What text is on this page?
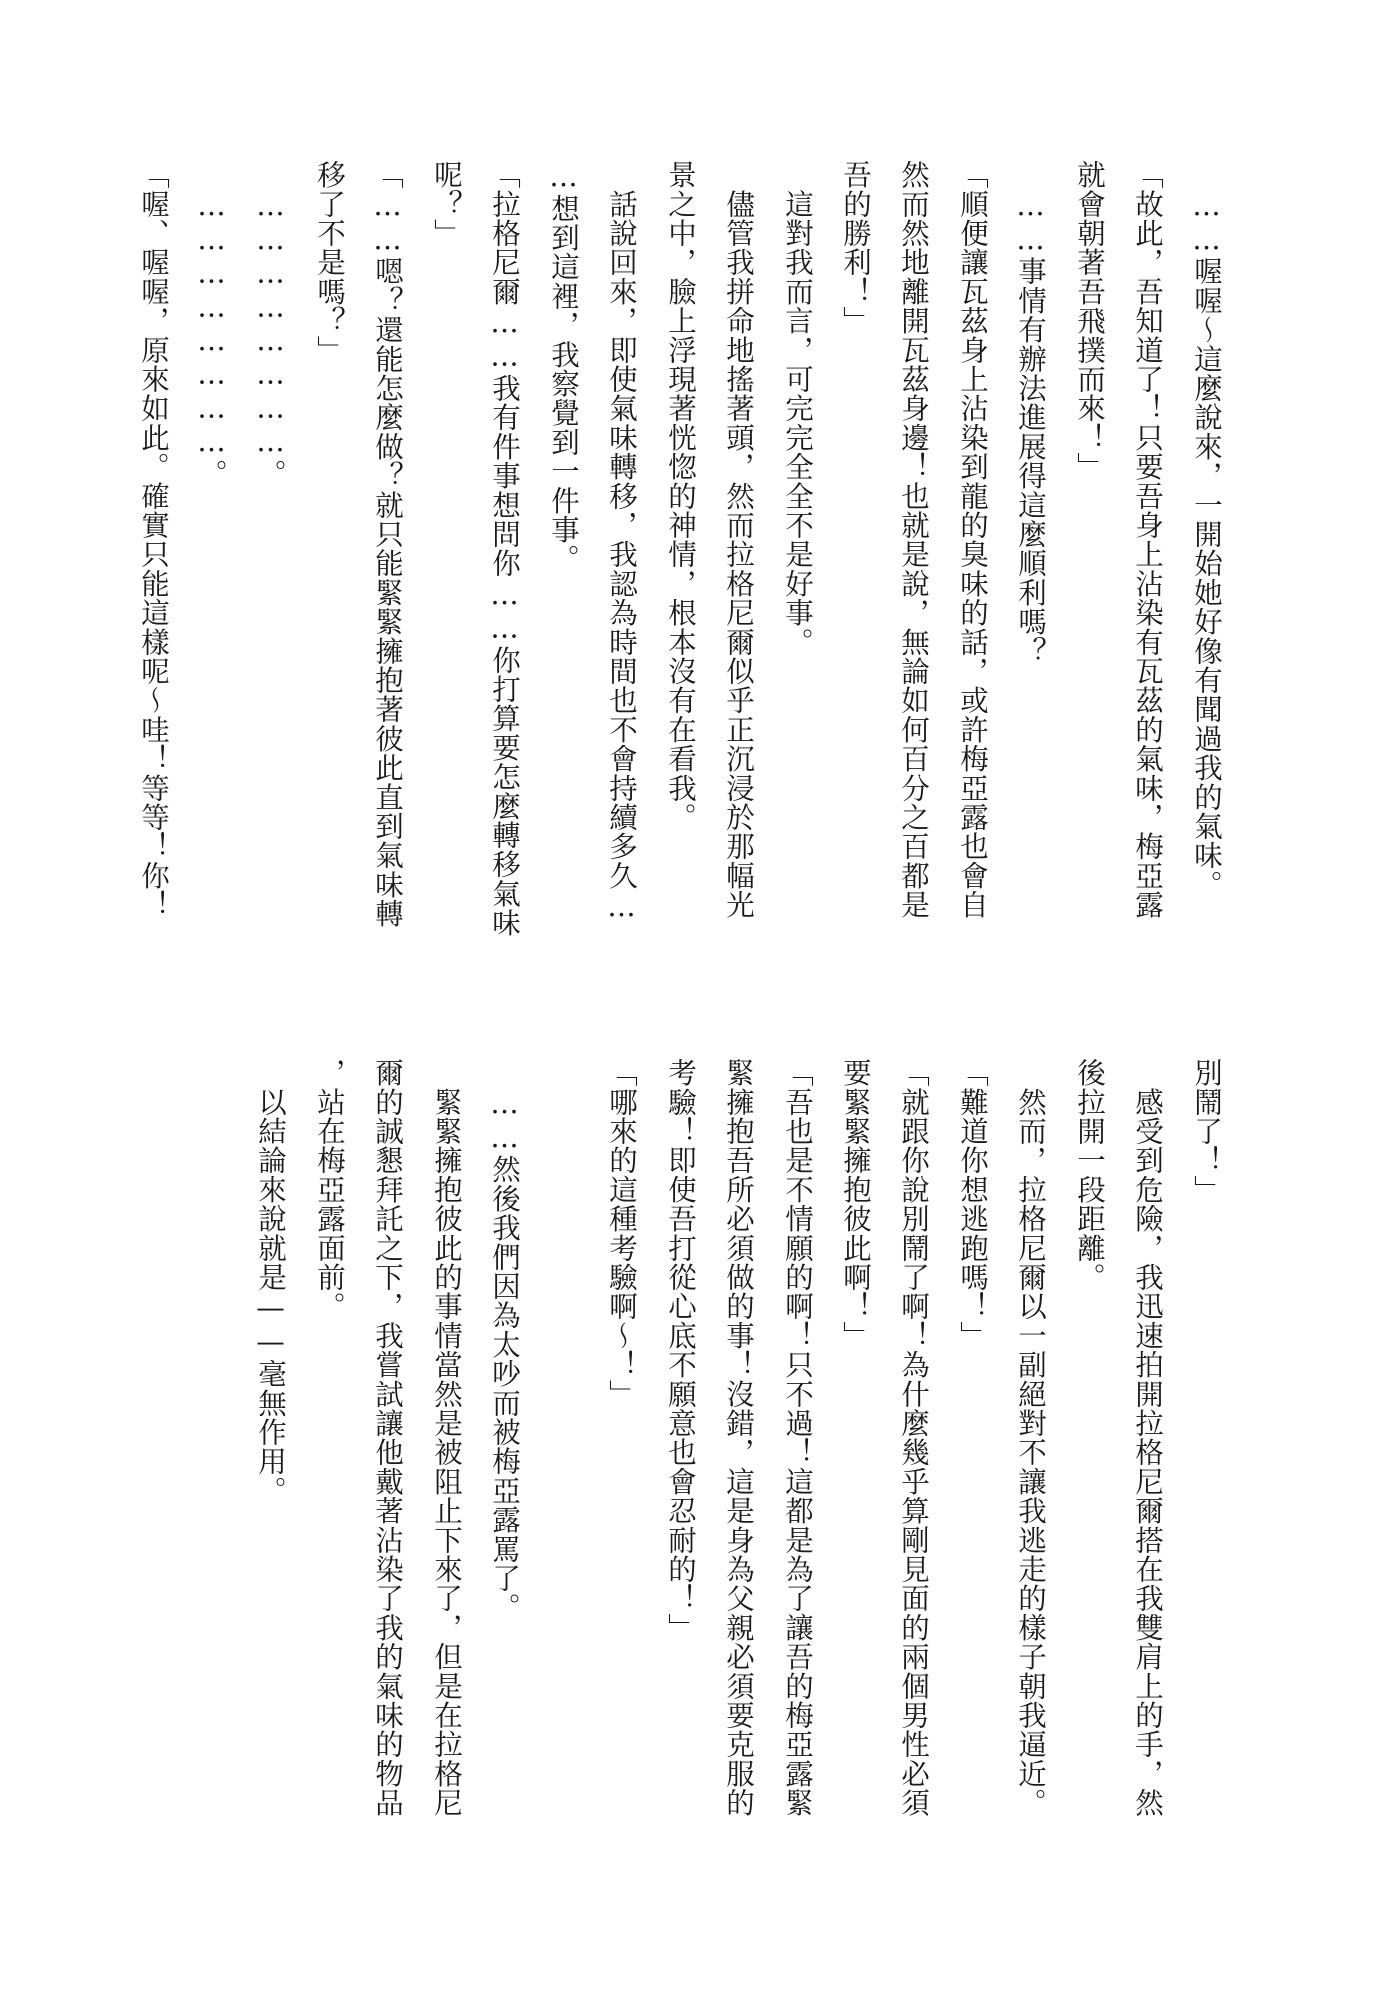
　……喔喔～這麼說來，一開始她好像有聞過我的氣味。
「故此，吾知道了！只要吾身上沾染有瓦茲的氣味，梅亞露
就會朝著吾飛撲而來！」
　……事情有辦法進展得這麼順利嗎？
「順便讓瓦茲身上沾染到龍的臭味的話，或許梅亞露也會自
然而然地離開瓦茲身邊！也就是說，無論如何百分之百都是
吾的勝利！」
　這對我而言，可完完全全不是好事。
　儘管我拼命地搖著頭，然而拉格尼爾似乎正沉浸於那幅光
景之中，臉上浮現著恍惚的神情，根本沒有在看我。
　話說回來，即使氣味轉移，我認為時間也不會持續多久…
…想到這裡，我察覺到一件事。
「拉格尼爾……我有件事想問你……你打算要怎麼轉移氣味
呢？」
「……嗯？還能怎麼做？就只能緊緊擁抱著彼此直到氣味轉
移了不是嗎？」
　……………………。
　……………………。
「喔、喔喔，原來如此。確實只能這樣呢～哇！等等！你！
別鬧了！」
　感受到危險，我迅速拍開拉格尼爾搭在我雙肩上的手，然
後拉開一段距離。
　然而，拉格尼爾以一副絕對不讓我逃走的樣子朝我逼近。
「難道你想逃跑嗎！」
「就跟你說別鬧了啊！為什麼幾乎算剛見面的兩個男性必須
要緊緊擁抱彼此啊！」
「吾也是不情願的啊！只不過！這都是為了讓吾的梅亞露緊
緊擁抱吾所必須做的事！沒錯，這是身為父親必須要克服的
考驗！即使吾打從心底不願意也會忍耐的！」
「哪來的這種考驗啊～！」
　……然後我們因為太吵而被梅亞露罵了。
　緊緊擁抱彼此的事情當然是被阻止下來了，但是在拉格尼
爾的誠懇拜託之下，我嘗試讓他戴著沾染了我的氣味的物品
，站在梅亞露面前。
　以結論來說就是——毫無作用。
